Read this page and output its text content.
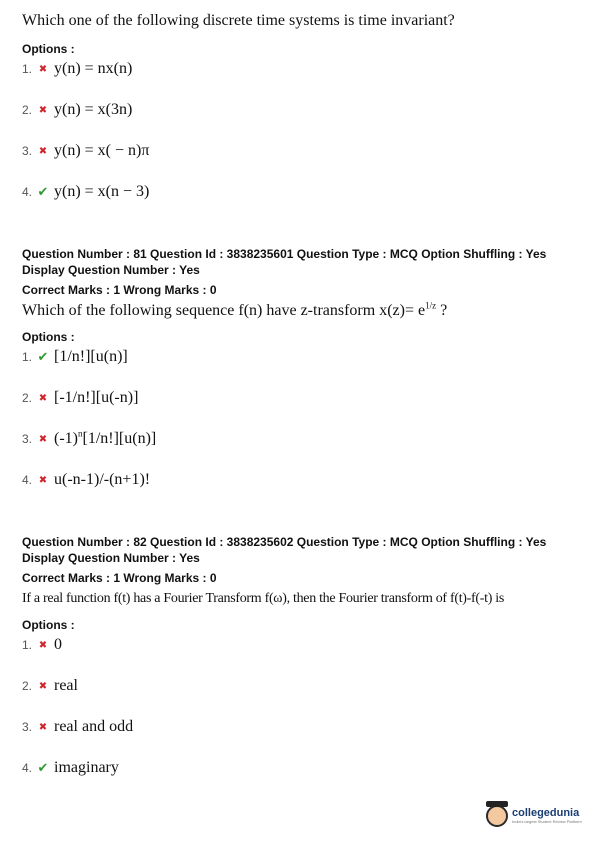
Which one of the following discrete time systems is time invariant?
Options :
1. ✖ y(n) = nx(n)
2. ✖ y(n) = x(3n)
3. ✖ y(n) = x( − n)π
4. ✔ y(n) = x(n − 3)
Question Number : 81 Question Id : 3838235601 Question Type : MCQ Option Shuffling : Yes
Display Question Number : Yes
Correct Marks : 1 Wrong Marks : 0
Which of the following sequence f(n) have z-transform $x(z)= e^{1/z}$ ?
Options :
1. ✔ [1/n!][u(n)]
2. ✖ [-1/n!][u(-n)]
3. ✖ $(-1)^n[1/n!][u(n)]$
4. ✖ u(-n-1)/-(n+1)!
Question Number : 82 Question Id : 3838235602 Question Type : MCQ Option Shuffling : Yes
Display Question Number : Yes
Correct Marks : 1 Wrong Marks : 0
If a real function f(t) has a Fourier Transform f(ω), then the Fourier transform of f(t)-f(-t) is
Options :
1. ✖ 0
2. ✖ real
3. ✖ real and odd
4. ✔ imaginary
collegedunia
India's largest Student Review Platform
